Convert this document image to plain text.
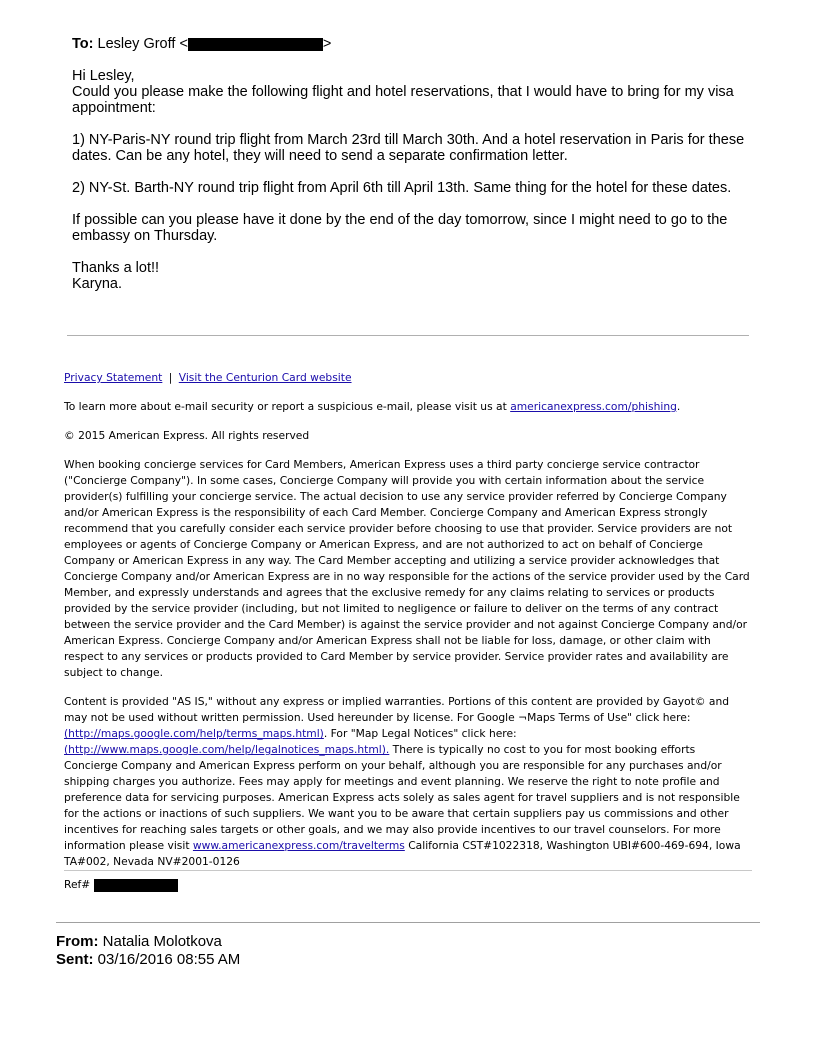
To: Lesley Groff <	>

Hi Lesley,
Could you please make the following flight and hotel reservations, that I would have to bring for my visa appointment:

1) NY-Paris-NY round trip flight from March 23rd till March 30th. And a hotel reservation in Paris for these dates. Can be any hotel, they will need to send a separate confirmation letter.

2) NY-St. Barth-NY round trip flight from April 6th till April 13th. Same thing for the hotel for these dates.

If possible can you please have it done by the end of the day tomorrow, since I might need to go to the embassy on Thursday.

Thanks a lot!!
Karyna.

Privacy Statement | Visit the Centurion Card website

To learn more about e-mail security or report a suspicious e-mail, please visit us at americanexpress.com/phishing.

© 2015 American Express. All rights reserved

When booking concierge services for Card Members, American Express uses a third party concierge service contractor ("Concierge Company"). In some cases, Concierge Company will provide you with certain information about the service provider(s) fulfilling your concierge service. The actual decision to use any service provider referred by Concierge Company and/or American Express is the responsibility of each Card Member. Concierge Company and American Express strongly recommend that you carefully consider each service provider before choosing to use that provider. Service providers are not employees or agents of Concierge Company or American Express, and are not authorized to act on behalf of Concierge Company or American Express in any way. The Card Member accepting and utilizing a service provider acknowledges that Concierge Company and/or American Express are in no way responsible for the actions of the service provider used by the Card Member, and expressly understands and agrees that the exclusive remedy for any claims relating to services or products provided by the service provider (including, but not limited to negligence or failure to deliver on the terms of any contract between the service provider and the Card Member) is against the service provider and not against Concierge Company and/or American Express. Concierge Company and/or American Express shall not be liable for loss, damage, or other claim with respect to any services or products provided to Card Member by service provider. Service provider rates and availability are subject to change.

Content is provided "AS IS," without any express or implied warranties. Portions of this content are provided by Gayot© and may not be used without written permission. Used hereunder by license. For Google ¬Maps Terms of Use" click here:
(http://maps.google.com/help/terms_maps.html). For "Map Legal Notices" click here:
(http://www.maps.google.com/help/legalnotices_maps.html). There is typically no cost to you for most booking efforts Concierge Company and American Express perform on your behalf, although you are responsible for any purchases and/or shipping charges you authorize. Fees may apply for meetings and event planning. We reserve the right to note profile and preference data for servicing purposes. American Express acts solely as sales agent for travel suppliers and is not responsible for the actions or inactions of such suppliers. We want you to be aware that certain suppliers pay us commissions and other incentives for reaching sales targets or other goals, and we may also provide incentives to our travel counselors. For more information please visit www.americanexpress.com/travelterms California CST#1022318, Washington UBI#600-469-694, Iowa TA#002, Nevada NV#2001-0126

Ref#
From: Natalia Molotkova
Sent: 03/16/2016 08:55 AM
